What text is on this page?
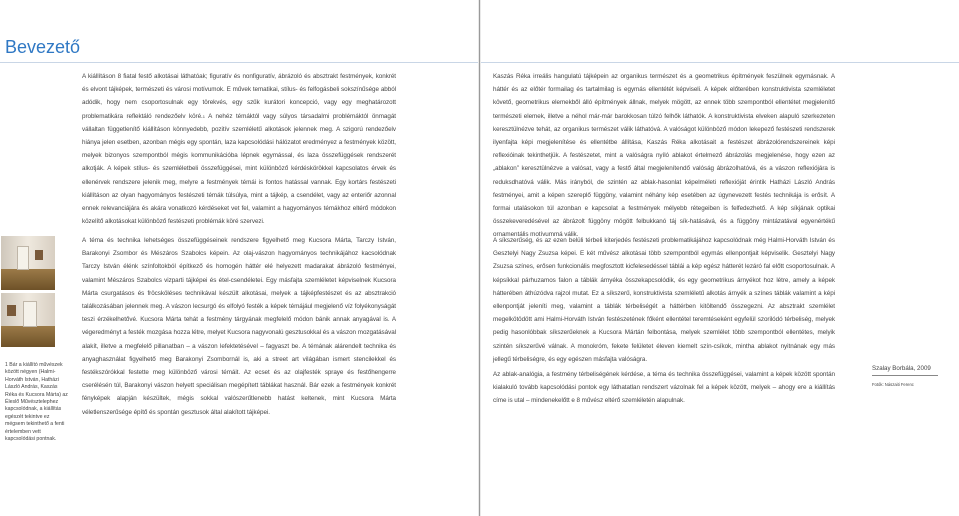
Bevezető

A kiállításon 8 fiatal festő alkotásai láthatóak; figuratív és nonfiguratív, ábrázoló és absztrakt festmények, konkrét és elvont tájképek, természeti és városi motívumok. E művek tematikai, stílus- és felfogásbeli sokszínűsége abból adódik, hogy nem csoportosulnak egy törekvés, egy szűk kurátori koncepció, vagy egy meghatározott problematikára reflektáló rendezőelv köré.$^1$ A nehéz témáktól vagy súlyos társadalmi problémáktól önmagát vállaltan függetlenítő kiállításon könnyedebb, pozitív szemléletű alkotások jelennek meg. A szigorú rendezőelv hiánya jelen esetben, azonban mégis egy spontán, laza kapcsolódási hálózatot eredményez a festmények között, melyek bizonyos szempontból mégis kommunikációba lépnek egymással, és laza összefüggések rendszerét alkotják. A képek stílus- és szemléletbeli összefüggései, mint különböző kérdéskörökkel kapcsolatos érvek és ellenérvek rendszere jelenik meg, melyre a festmények témái is fontos hatással vannak. Egy kortárs festészeti kiállításon az olyan hagyományos festészeti témák túlsúlya, mint a tájkép, a csendélet, vagy az enteriőr azonnal ennek relevanciájára és akára vonatkozó kérdéseket vet fel, valamint a hagyományos témákhoz eltérő módokon közelítő alkotásokat különböző festészeti problémák köré szervezi.

A téma és technika lehetséges összefüggéseinek rendszere figyelhető meg Kucsora Márta, Tarczy István, Barakonyi Zsombor és Mészáros Szabolcs képein. Az olaj-vászon hagyományos technikájához kacsolódnak Tarczy István élénk színfoltokból építkező és homogén háttér elé helyezett madarakat ábrázoló festményei, valamint Mészáros Szabolcs vizparti tájképei és étel-csendéletei. Egy másfajta szemléletet képviselnek Kucsora Márta csurgatásos és fröcsköléses technikával készült alkotásai, melyek a tájképfestészet és az absztrakció találkozásában jelennek meg. A vászon lecsurgó és elfolyó festék a képek témájául megjelenő víz folyékonyságát teszi érzékelhetővé. Kucsora Márta tehát a festmény tárgyának megfelelő módon bánik annak anyagával is. A végeredményt a festék mozgása hozza létre, melyet Kucsora nagyvonalú gesztusokkal és a vászon mozgatásával alakít, illetve a megfelelő pillanatban – a vászon lefektetésével – fagyaszt be. A témának alárendelt technika és anyaghasználat figyelhető meg Barakonyi Zsombornál is, aki a street art világában ismert stencilekkel és festékszórókkal festette meg különböző városi témáit. Az ecset és az olajfesték spraye és festőhengerre cserélésén túl, Barakonyi vászon helyett speciálisan megépített táblákat használ. Bár ezek a festmények konkrét fényképek alapján készültek, mégis sokkal valószerűtlenebb hatást keltenek, mint Kucsora Márta véletlenszerűsége építő és spontán gesztusok által alakított tájképei.

1 Bár a kiállító művészek között négyen (Halmi-Horváth István, Hatházi László András, Kaszás Réka és Kucsora Márta) az Éleslő Művésztelephez kapcsolódnak, a kiállítás egészét tekintve ez mégsem tekinthető a fenti értelemben vett kapcsolódási pontnak.

Kaszás Réka irreális hangulatú tájképein az organikus természet és a geometrikus építmények feszülnek egymásnak. A háttér és az előtér formailag és tartalmilag is egymás ellentétét képviseli. A képek előterében konstruktivista szemléletet követő, geometrikus elemekből álló építmények állnak, melyek mögött, az ennek több szempontból ellentétet megjelenítő természeti elemek, illetve a néhol már-már barokkosan túlzó felhők láthatók. A konstruktivista elveken alapuló szerkezeten keresztülnézve tehát, az organikus természet válik láthatóvá. A valóságot különböző módon lekepező festészeti rendszerek ilyenfajta képi megjelenítése és ellentétbe állítása, Kaszás Réka alkotásait a festészet ábrázolórendszereinek képi reflexióinak tekinthetjük. A festészetet, mint a valóságra nyíló ablakot értelmező ábrázolás megjelenése, hogy ezen az „ablakon” keresztülnézve a valósat, vagy a festő által megjelenítendő valóság ábrázolhatóvá, és a vászon reflexiójára is reduksdhatóvá válik. Más irányból, de szintén az ablak-hasonlat képelméleti reflexióját érintik Hatházi László András festményei, amit a képen szereplő függöny, valamint néhány kép esetében az úgynevezett festés technikája is erősít. A formai utalásokon túl azonban e kapcsolat a festmények mélyebb rétegeiben is felfedezhető. A kép síkjának optikai összekeveredésével az ábrázolt függöny mögött felbukkanó táj sík-hatásává, és a függöny mintázatával egyenértékű ornamentális motívummá válik.

A síkszerűség, és az ezen belüli térbeli kiterjedés festészeti problematikájához kapcsolódnak még Halmi-Horváth István és Gesztelyi Nagy Zsuzsa képei. E két művész alkotásai több szempontból egymás ellenpontjait képviselik. Gesztelyi Nagy Zsuzsa színes, erősen funkcionális megfosztott kicfelesedéssel táblái a kép egész hátterét lezáró fal előtt csoportosulnak. A képsíkkal párhuzamos falon a táblák árnyéka összekapcsolódik, és egy geometrikus árnyékot hoz létre, amely a képek hátterében áthúzódva rajzol mutat. Ez a síkszerű, konstruktivista szemléletű alkotás árnyék a színes táblák valamint a képi ellenpontját jeleníti meg, valamint a táblák térbeliségét a háttérben kitöltendő összegezni. Az absztrakt szemlélet megelkötödött ami Halmi-Horváth István festészetének főként ellentétel teremtéseként egyfelül szorilódó térbeliség, melyek pedig hasonlóbbak síkszerűeknek a Kucsora Mártán felbontása, melyek szemlélet több szempontból ellentétes, melyik szintén síkszerűvé válnak. A monokróm, fekete felületet éleven kiemelt szín-csíkok, mintha ablakot nyitnának egy más jellegű térbeliségre, és egy egészen másfajta valóságra.

Az ablak-analógia, a festmény térbeliségének kérdése, a téma és technika összefüggései, valamint a képek között spontán kialakuló tovább kapcsolódási pontok egy láthatatlan rendszert vázolnak fel a képek között, melyek – ahogy ere a kiállítás címe is utal – mindenekelőtt e 8 művész eltérő szemléletén alapulnak.

Szalay Borbála, 2009

Fotók: Nászaiti Ferenc
